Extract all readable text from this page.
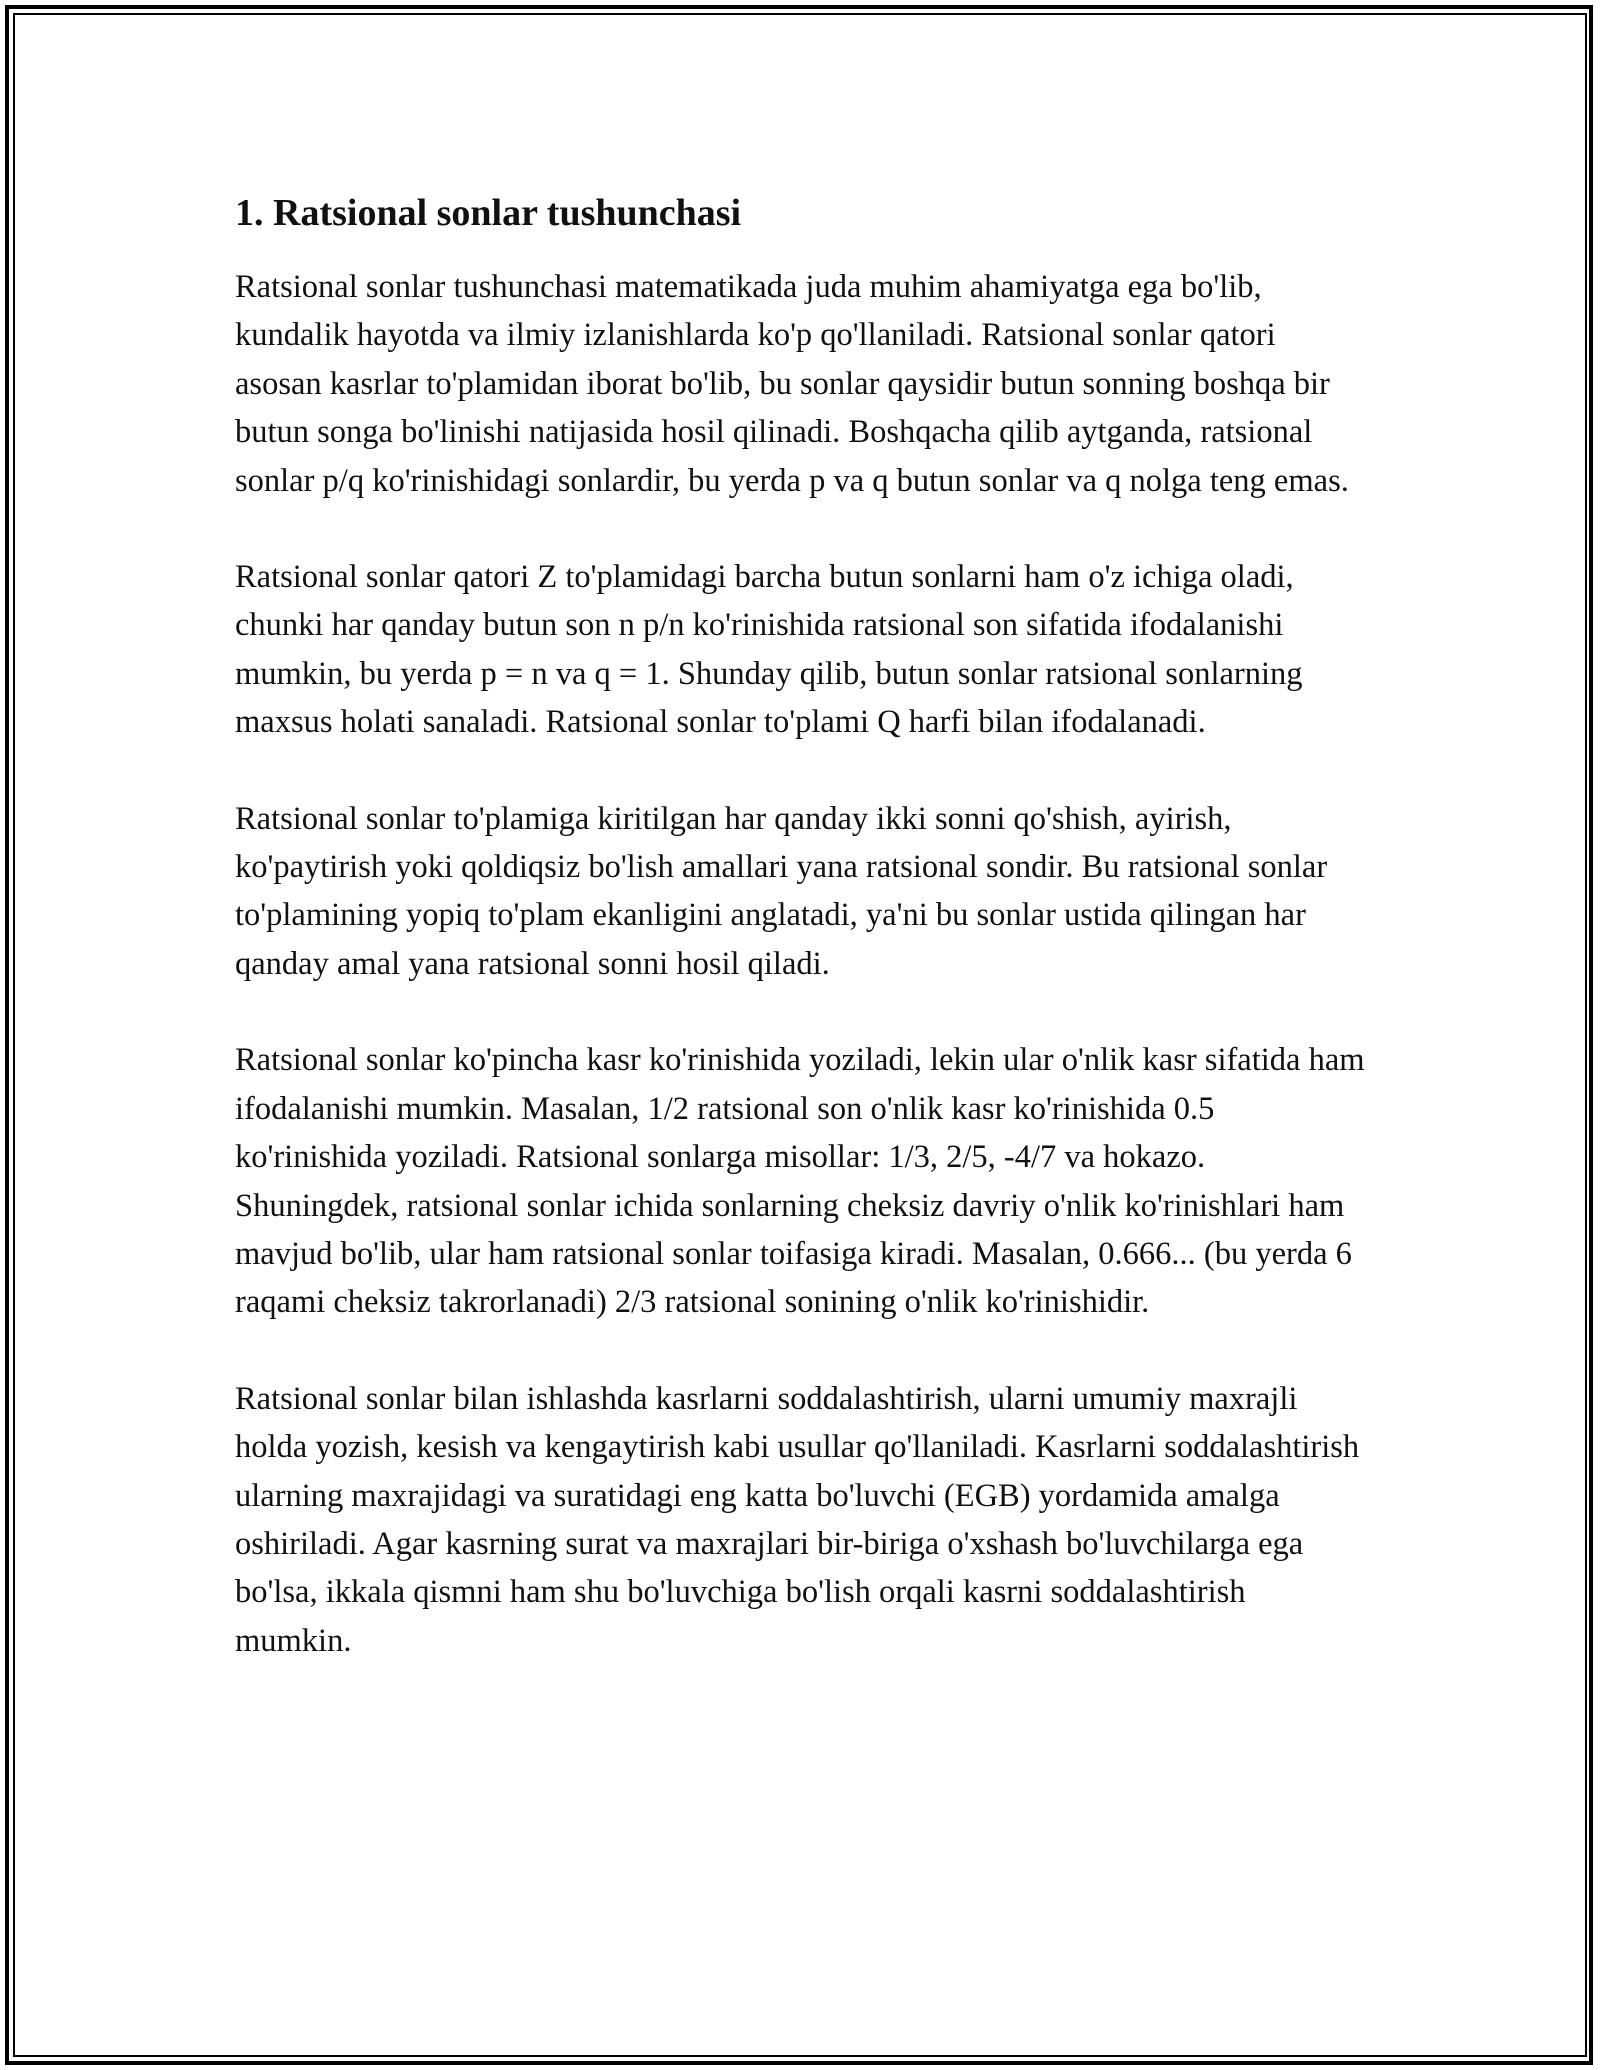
1. Ratsional sonlar tushunchasi

Ratsional sonlar tushunchasi matematikada juda muhim ahamiyatga ega bo'lib, kundalik hayotda va ilmiy izlanishlarda ko'p qo'llaniladi. Ratsional sonlar qatori asosan kasrlar to'plamidan iborat bo'lib, bu sonlar qaysidir butun sonning boshqa bir butun songa bo'linishi natijasida hosil qilinadi. Boshqacha qilib aytganda, ratsional sonlar p/q ko'rinishidagi sonlardir, bu yerda p va q butun sonlar va q nolga teng emas.

Ratsional sonlar qatori Z to'plamidagi barcha butun sonlarni ham o'z ichiga oladi, chunki har qanday butun son n p/n ko'rinishida ratsional son sifatida ifodalanishi mumkin, bu yerda p = n va q = 1. Shunday qilib, butun sonlar ratsional sonlarning maxsus holati sanaladi. Ratsional sonlar to'plami Q harfi bilan ifodalanadi.

Ratsional sonlar to'plamiga kiritilgan har qanday ikki sonni qo'shish, ayirish, ko'paytirish yoki qoldiqsiz bo'lish amallari yana ratsional sondir. Bu ratsional sonlar to'plamining yopiq to'plam ekanligini anglatadi, ya'ni bu sonlar ustida qilingan har qanday amal yana ratsional sonni hosil qiladi.

Ratsional sonlar ko'pincha kasr ko'rinishida yoziladi, lekin ular o'nlik kasr sifatida ham ifodalanishi mumkin. Masalan, 1/2 ratsional son o'nlik kasr ko'rinishida 0.5 ko'rinishida yoziladi. Ratsional sonlarga misollar: 1/3, 2/5, -4/7 va hokazo. Shuningdek, ratsional sonlar ichida sonlarning cheksiz davriy o'nlik ko'rinishlari ham mavjud bo'lib, ular ham ratsional sonlar toifasiga kiradi. Masalan, 0.666... (bu yerda 6 raqami cheksiz takrorlanadi) 2/3 ratsional sonining o'nlik ko'rinishidir.

Ratsional sonlar bilan ishlashda kasrlarni soddalashtirish, ularni umumiy maxrajli holda yozish, kesish va kengaytirish kabi usullar qo'llaniladi. Kasrlarni soddalashtirish ularning maxrajidagi va suratidagi eng katta bo'luvchi (EGB) yordamida amalga oshiriladi. Agar kasrning surat va maxrajlari bir-biriga o'xshash bo'luvchilarga ega bo'lsa, ikkala qismni ham shu bo'luvchiga bo'lish orqali kasrni soddalashtirish mumkin.
